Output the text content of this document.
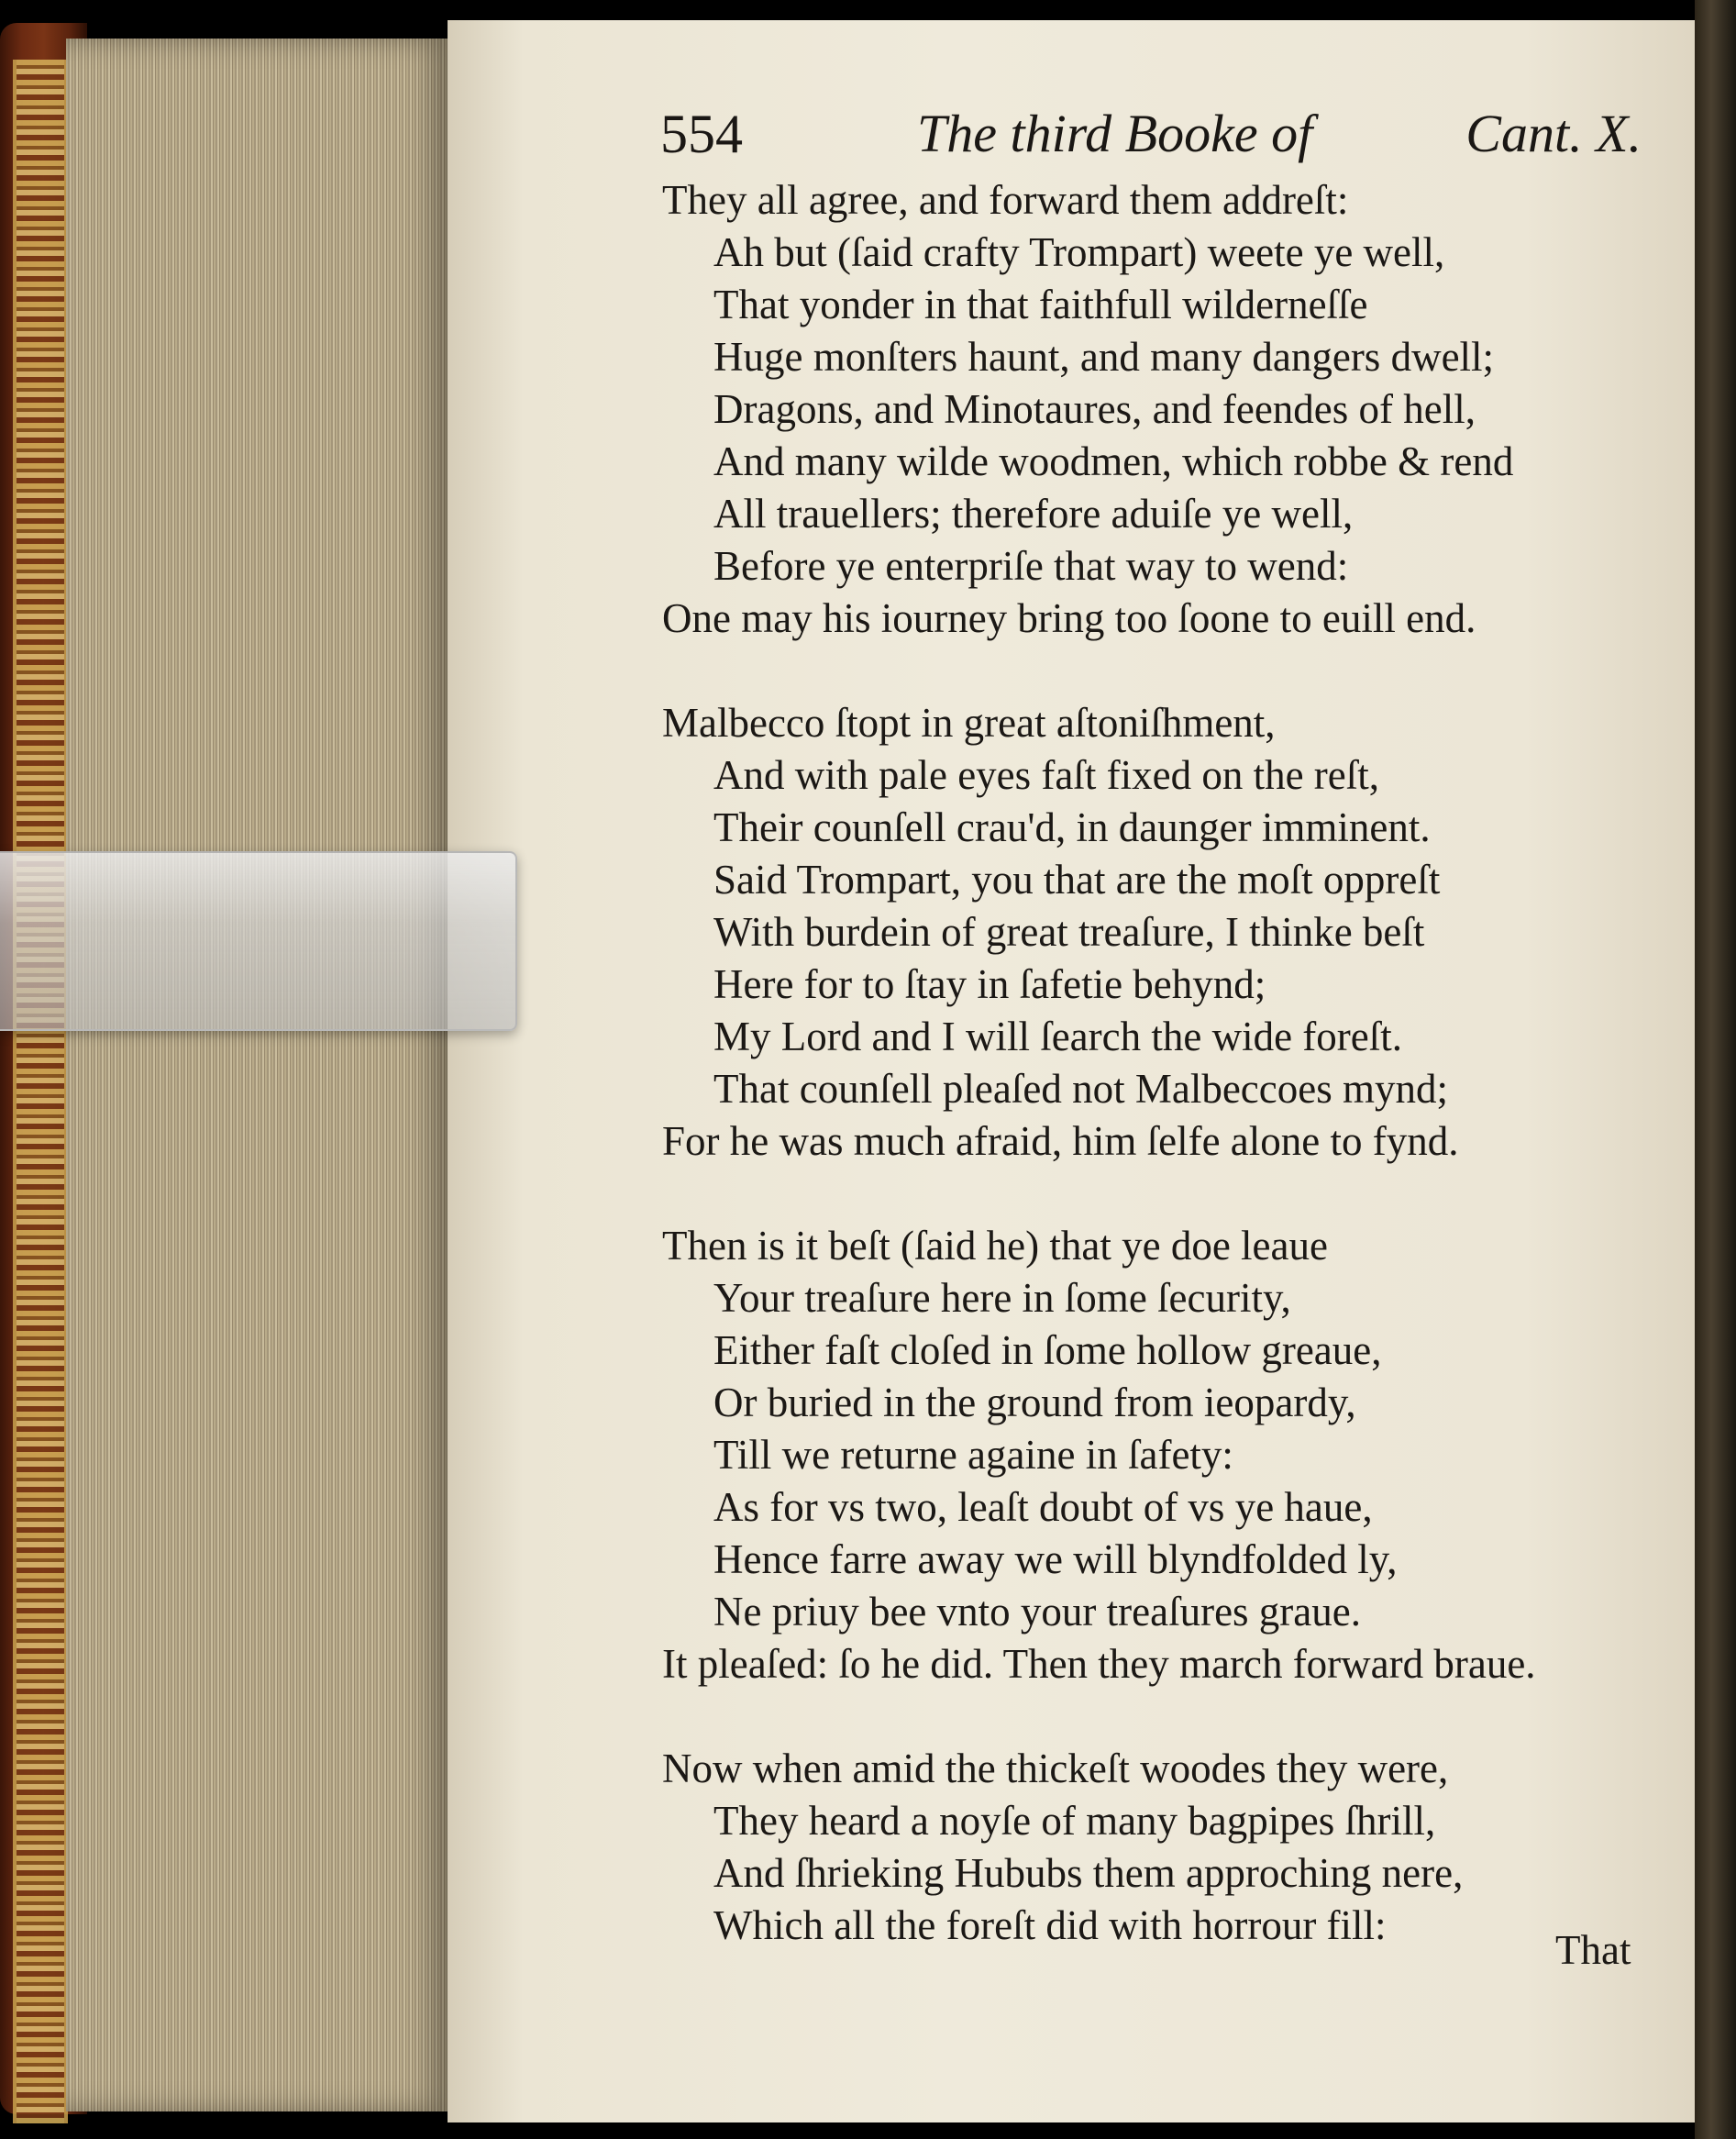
554	The third Booke of	Cant. X.
They all agree, and forward them addreſt:
Ah but (ſaid crafty Trompart) weete ye well,
That yonder in that faithfull wilderneſſe
Huge monſters haunt, and many dangers dwell;
Dragons, and Minotaures, and feendes of hell,
And many wilde woodmen, which robbe & rend
All trauellers; therefore aduiſe ye well,
Before ye enterpriſe that way to wend:
One may his iourney bring too ſoone to euill end.
Malbecco ſtopt in great aſtoniſhment,
And with pale eyes faſt fixed on the reſt,
Their counſell crau'd, in daunger imminent.
Said Trompart, you that are the moſt oppreſt
With burdein of great treaſure, I thinke beſt
Here for to ſtay in ſafetie behynd;
My Lord and I will ſearch the wide foreſt.
That counſell pleaſed not Malbeccoes mynd;
For he was much afraid, him ſelfe alone to fynd.
Then is it beſt (ſaid he) that ye doe leaue
Your treaſure here in ſome ſecurity,
Either faſt cloſed in ſome hollow greaue,
Or buried in the ground from ieopardy,
Till we returne againe in ſafety:
As for vs two, leaſt doubt of vs ye haue,
Hence farre away we will blyndfolded ly,
Ne priuy bee vnto your treaſures graue.
It pleaſed: ſo he did. Then they march forward braue.
Now when amid the thickeſt woodes they were,
They heard a noyſe of many bagpipes ſhrill,
And ſhrieking Hububs them approching nere,
Which all the foreſt did with horrour fill:
That
